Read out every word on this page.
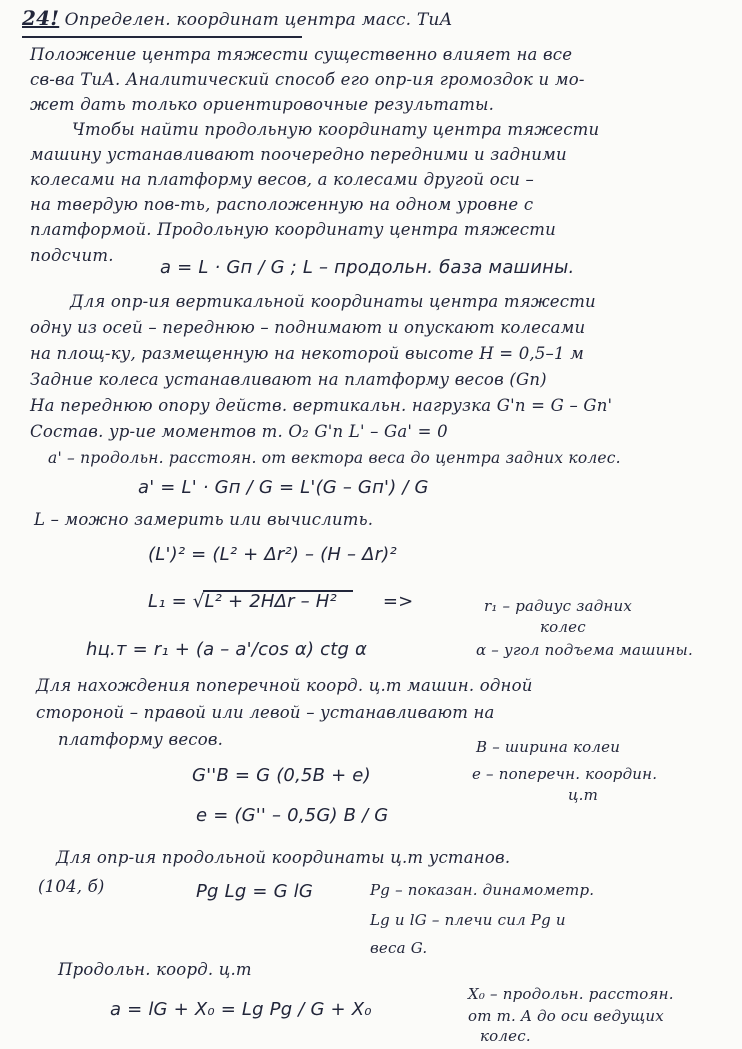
24! Определен. координат центра масс. ТиА
Положение центра тяжести существенно влияет на все
св-ва ТиА. Аналитический способ его опр-ия громоздок и мо-
жет дать только ориентировочные результаты.
Чтобы найти продольную координату центра тяжести
машину устанавливают поочередно передними и задними
колесами на платформу весов, а колесами другой оси –
на твердую пов-ть, расположенную на одном уровне с
платформой. Продольную координату центра тяжести
подсчит.
a = L · Gп / G ; L – продольн. база машины.
Для опр-ия вертикальной координаты центра тяжести
одну из осей – переднюю – поднимают и опускают колесами
на площ-ку, размещенную на некоторой высоте H = 0,5–1 м
Задние колеса устанавливают на платформу весов (Gп)
На переднюю опору действ. вертикальн. нагрузка G'п = G – Gп'
Состав. ур-ие моментов т. O₂ G'п L' – Ga' = 0
a' – продольн. расстоян. от вектора веса до центра задних колес.
a' = L' · Gп / G = L'(G – Gп') / G
L – можно замерить или вычислить.
(L')² = (L² + Δr²) – (H – Δr)²
L₁ = √L² + 2HΔr – H²	=>	r₁ – радиус задних
колес
hц.т = r₁ + (a – a'/cos α) ctg α	α – угол подъема машины.
Для нахождения поперечной коорд. ц.т машин. одной
стороной – правой или левой – устанавливают на
платформу весов.	B – ширина колеи
G''B = G (0,5B + e)	e – поперечн. координ.
ц.т
e = (G'' – 0,5G) B / G
Для опр-ия продольной координаты ц.т установ.
(104, б)	Pg Lg = G lG	Pg – показан. динамометр.
Lg и lG – плечи сил Pg и
веса G.
Продольн. коорд. ц.т
a = lG + X₀ = Lg Pg / G + X₀
X₀ – продольн. расстоян.
от т. A до оси ведущих
колес.
